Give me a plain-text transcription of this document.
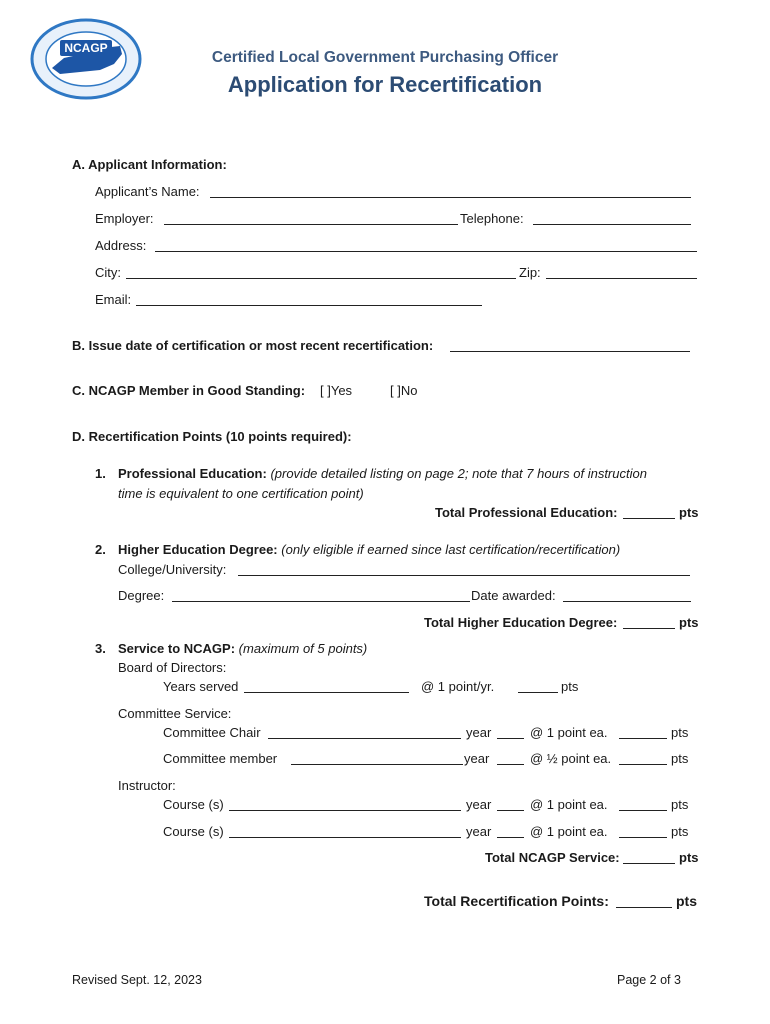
NCAGP
Certified Local Government Purchasing Officer
Application for Recertification
A. Applicant Information:
Applicant’s Name:
Employer:	Telephone:
Address:
City:	Zip:
Email:
B. Issue date of certification or most recent recertification:
C. NCAGP Member in Good Standing: [ ]Yes	[ ]No
D. Recertification Points (10 points required):
1. Professional Education: (provide detailed listing on page 2; note that 7 hours of instruction
time is equivalent to one certification point)
Total Professional Education:	pts
2. Higher Education Degree: (only eligible if earned since last certification/recertification)
College/University:
Degree:	Date awarded:
Total Higher Education Degree:	pts
3. Service to NCAGP: (maximum of 5 points)
Board of Directors:
Years served	@ 1 point/yr.	pts
Committee Service:
Committee Chair	year	@ 1 point ea.	pts
Committee member	year	@ ½ point ea.	pts
Instructor:
Course (s)	year	@ 1 point ea.	pts
Course (s)	year	@ 1 point ea.	pts
Total NCAGP Service:	pts
Total Recertification Points:	pts
Revised Sept. 12, 2023	Page 2 of 3
